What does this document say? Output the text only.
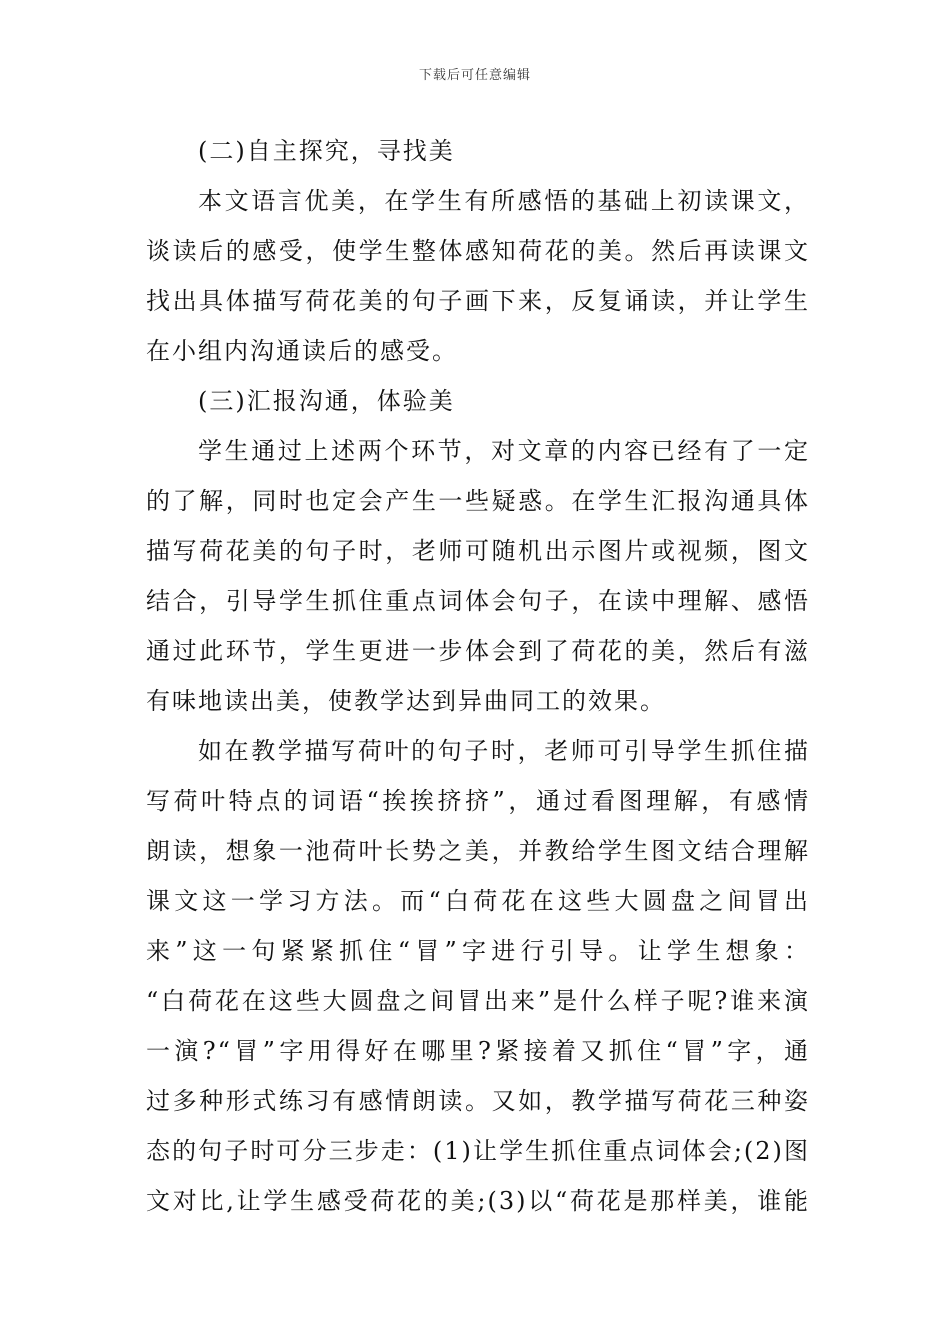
下载后可任意编辑
(二)自主探究，寻找美
本文语言优美，在学生有所感悟的基础上初读课文，
谈读后的感受，使学生整体感知荷花的美。然后再读课文
找出具体描写荷花美的句子画下来，反复诵读，并让学生
在小组内沟通读后的感受。
(三)汇报沟通，体验美
学生通过上述两个环节，对文章的内容已经有了一定
的了解，同时也定会产生一些疑惑。在学生汇报沟通具体
描写荷花美的句子时，老师可随机出示图片或视频，图文
结合，引导学生抓住重点词体会句子，在读中理解、感悟
通过此环节，学生更进一步体会到了荷花的美，然后有滋
有味地读出美，使教学达到异曲同工的效果。
如在教学描写荷叶的句子时，老师可引导学生抓住描
写荷叶特点的词语“挨挨挤挤”，通过看图理解，有感情
朗读，想象一池荷叶长势之美，并教给学生图文结合理解
课文这一学习方法。而“白荷花在这些大圆盘之间冒出
来”这一句紧紧抓住“冒”字进行引导。让学生想象：
“白荷花在这些大圆盘之间冒出来”是什么样子呢?谁来演
一演?“冒”字用得好在哪里?紧接着又抓住“冒”字，通
过多种形式练习有感情朗读。又如，教学描写荷花三种姿
态的句子时可分三步走：(1)让学生抓住重点词体会;(2)图
文对比,让学生感受荷花的美;(3)以“荷花是那样美，谁能
